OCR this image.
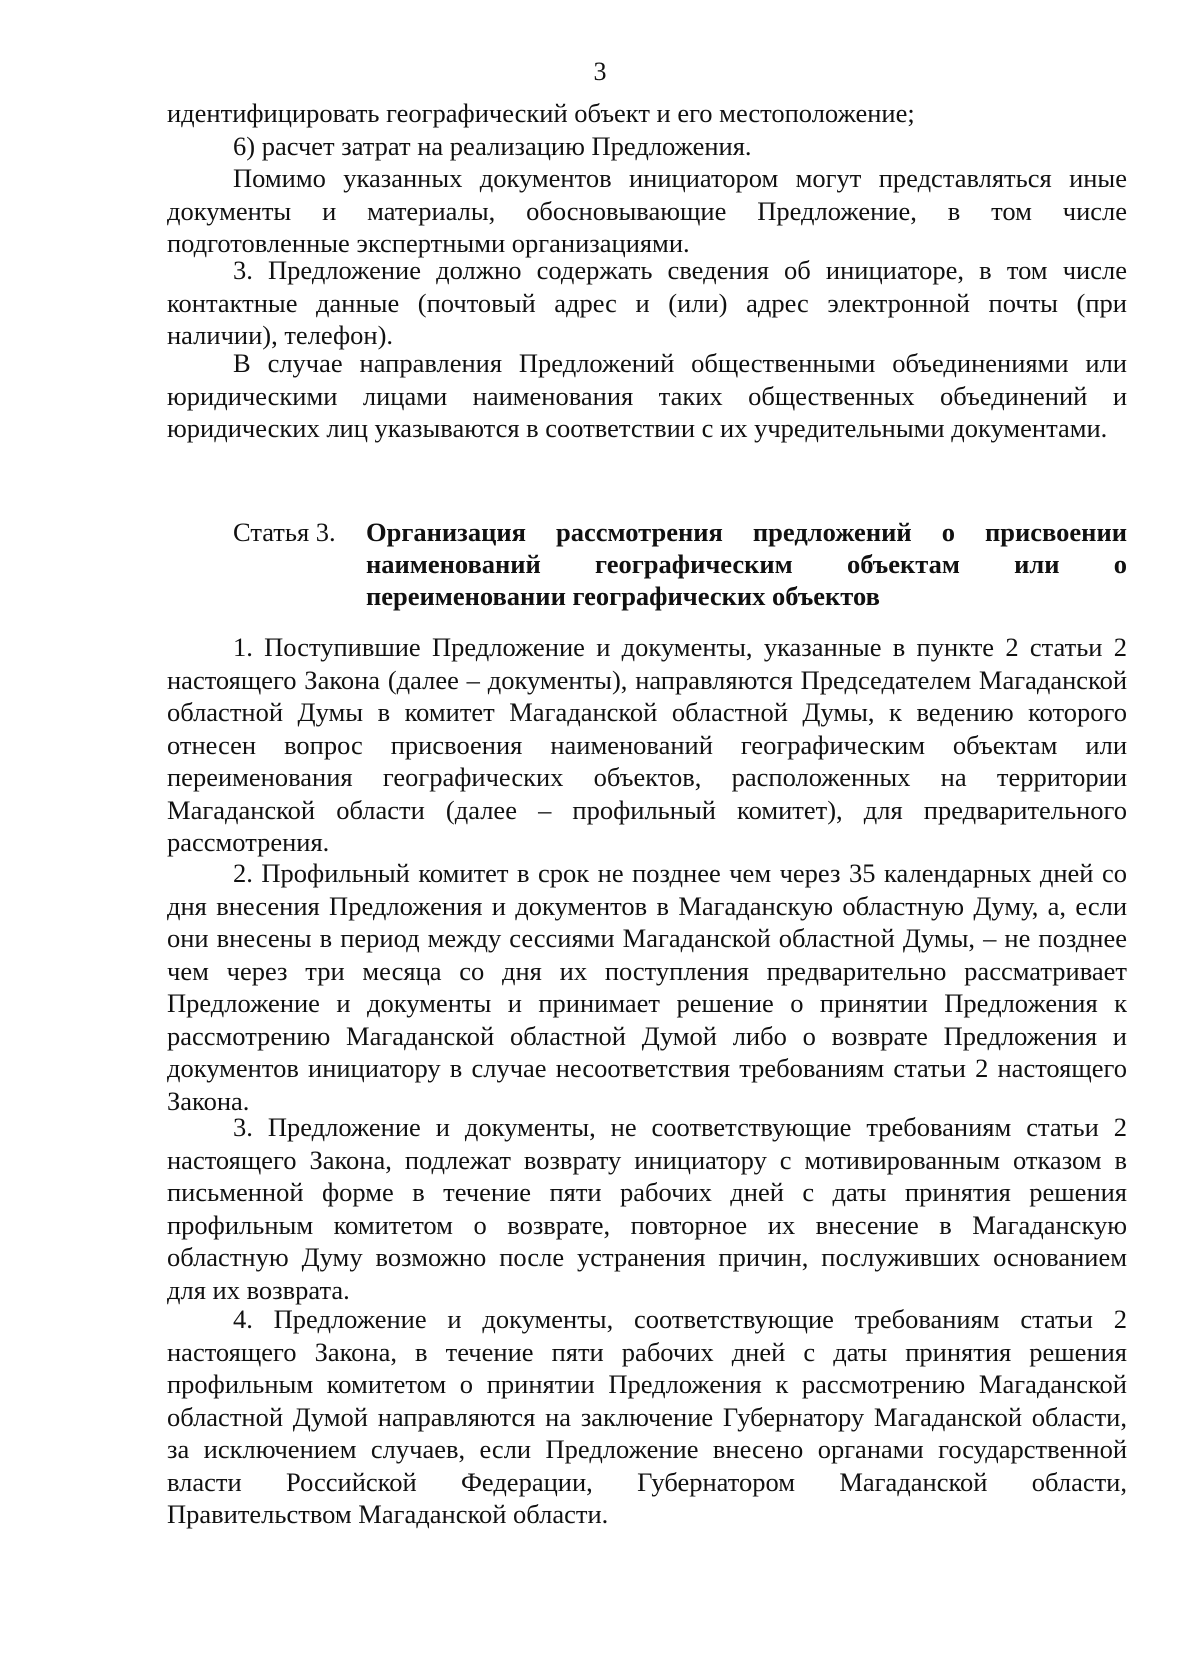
3

идентифицировать географический объект и его местоположение;

6) расчет затрат на реализацию Предложения.

Помимо указанных документов инициатором могут представляться иные документы и материалы, обосновывающие Предложение, в том числе подготовленные экспертными организациями.

3. Предложение должно содержать сведения об инициаторе, в том числе контактные данные (почтовый адрес и (или) адрес электронной почты (при наличии), телефон).

В случае направления Предложений общественными объединениями или юридическими лицами наименования таких общественных объединений и юридических лиц указываются в соответствии с их учредительными документами.

Статья 3. Организация рассмотрения предложений о присвоении наименований географическим объектам или о переименовании географических объектов

1. Поступившие Предложение и документы, указанные в пункте 2 статьи 2 настоящего Закона (далее – документы), направляются Председателем Магаданской областной Думы в комитет Магаданской областной Думы, к ведению которого отнесен вопрос присвоения наименований географическим объектам или переименования географических объектов, расположенных на территории Магаданской области (далее – профильный комитет), для предварительного рассмотрения.

2. Профильный комитет в срок не позднее чем через 35 календарных дней со дня внесения Предложения и документов в Магаданскую областную Думу, а, если они внесены в период между сессиями Магаданской областной Думы, – не позднее чем через три месяца со дня их поступления предварительно рассматривает Предложение и документы и принимает решение о принятии Предложения к рассмотрению Магаданской областной Думой либо о возврате Предложения и документов инициатору в случае несоответствия требованиям статьи 2 настоящего Закона.

3. Предложение и документы, не соответствующие требованиям статьи 2 настоящего Закона, подлежат возврату инициатору с мотивированным отказом в письменной форме в течение пяти рабочих дней с даты принятия решения профильным комитетом о возврате, повторное их внесение в Магаданскую областную Думу возможно после устранения причин, послуживших основанием для их возврата.

4. Предложение и документы, соответствующие требованиям статьи 2 настоящего Закона, в течение пяти рабочих дней с даты принятия решения профильным комитетом о принятии Предложения к рассмотрению Магаданской областной Думой направляются на заключение Губернатору Магаданской области, за исключением случаев, если Предложение внесено органами государственной власти Российской Федерации, Губернатором Магаданской области, Правительством Магаданской области.
